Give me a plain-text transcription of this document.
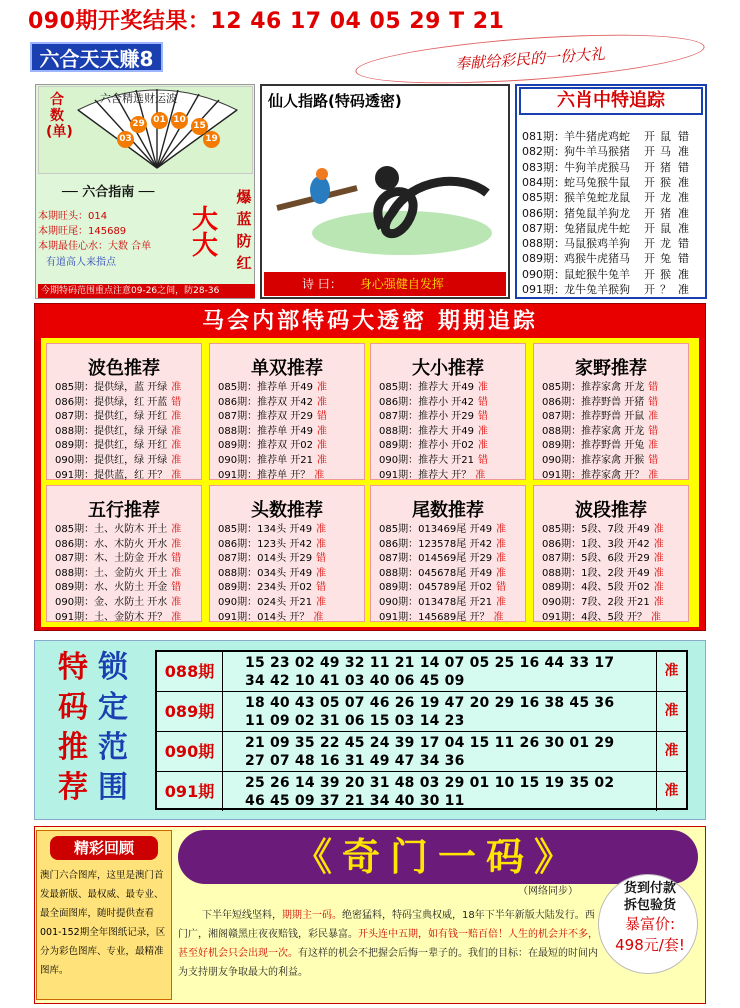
090期开奖结果：12 46 17 04 05 29 T 21
六合天天赚8	奉献给彩民的一份大礼
六合精选财运波
29 01 10
15
03	19
合数(单)
── 六合指南 ──
本期旺头：014
本期旺尾：145689
本期最佳心水：大数 合单
有道高人来指点
爆蓝防红
大大
今期特码范围重点注意09-26之间，防28-36
仙人指路(特码透密)
诗 曰： 身心强健自发挥
六肖中特追踪
081期：羊牛猪虎鸡蛇 开 鼠 错
082期：狗牛羊马猴猪 开 马 准
083期：牛狗羊虎猴马 开 猪 错
084期：蛇马兔猴牛鼠 开 猴 准
085期：猴羊兔蛇龙鼠 开 龙 准
086期：猪兔鼠羊狗龙 开 猪 准
087期：兔猪鼠虎牛蛇 开 鼠 准
088期：马鼠猴鸡羊狗 开 龙 错
089期：鸡猴牛虎猪马 开 兔 错
090期：鼠蛇猴牛兔羊 开 猴 准
091期：龙牛兔羊猴狗 开 ？ 准
马会内部特码大透密 期期追踪
波色推荐
085期：提供绿，蓝 开绿 准
086期：提供绿，红 开蓝 错
087期：提供红，绿 开红 准
088期：提供红，绿 开绿 准
089期：提供红，绿 开红 准
090期：提供红，绿 开绿 准
091期：提供蓝，红 开？ 准
单双推荐
085期：推荐单 开49 准
086期：推荐双 开42 准
087期：推荐双 开29 错
088期：推荐单 开49 准
089期：推荐双 开02 准
090期：推荐单 开21 准
091期：推荐单 开？ 准
大小推荐
085期：推荐大 开49 准
086期：推荐小 开42 错
087期：推荐小 开29 错
088期：推荐大 开49 准
089期：推荐小 开02 准
090期：推荐大 开21 错
091期：推荐大 开？ 准
家野推荐
085期：推荐家禽 开龙 错
086期：推荐野兽 开猪 错
087期：推荐野兽 开鼠 准
088期：推荐家禽 开龙 错
089期：推荐野兽 开兔 准
090期：推荐家禽 开猴 错
091期：推荐家禽 开？ 准
五行推荐
085期：土、火防木 开土 准
086期：水、木防火 开水 准
087期：木、土防金 开水 错
088期：土、金防火 开土 准
089期：水、火防土 开金 错
090期：金、水防土 开水 准
091期：土、金防木 开？ 准
头数推荐
085期：134头 开49 准
086期：123头 开42 准
087期：014头 开29 错
088期：034头 开49 准
089期：234头 开02 错
090期：024头 开21 准
091期：014头 开？ 准
尾数推荐
085期：013469尾 开49 准
086期：123578尾 开42 准
087期：014569尾 开29 准
088期：045678尾 开49 准
089期：045789尾 开02 错
090期：013478尾 开21 准
091期：145689尾 开？ 准
波段推荐
085期：5段、7段 开49 准
086期：1段、3段 开42 准
087期：5段、6段 开29 准
088期：1段、2段 开49 准
089期：4段、5段 开02 准
090期：7段、2段 开21 准
091期：4段、5段 开？ 准
特
码
推
荐
锁
定
范
围
088期	15 23 02 49 32 11 21 14 07 05 25 16 44 33 17 34 42 10 41 03 40 06 45 09
准
089期	18 40 43 05 07 46 26 19 47 20 29 16 38 45 36 11 09 02 31 06 15 03 14 23
准
090期	21 09 35 22 45 24 39 17 04 15 11 26 30 01 29 27 07 48 16 31 49 47 34 36
准
091期	25 26 14 39 20 31 48 03 29 01 10 15 19 35 02 46 45 09 37 21 34 40 30 11
准
精彩回顾
澳门六合图库，这里是澳门首发最新版、最权威、最专业、最全面图库，随时提供查看001-152期全年图纸记录，区分为彩色图库、专业，最精准图库。
《奇门一码》
（网络同步）
下半年短线坚料，期期主一码。绝密猛料，特码宝典权威，18年下半年新版大陆发行。西门广，湘阁赣黑庄夜夜赔钱，彩民暴富。开头连中五期，如有钱一赔百倍！人生的机会并不多，甚至好机会只会出现一次。有这样的机会不把握会后悔一辈子的。我们的目标：在最短的时间内为支持朋友争取最大的利益。
货到付款
拆包验货
暴富价:
498元/套!
